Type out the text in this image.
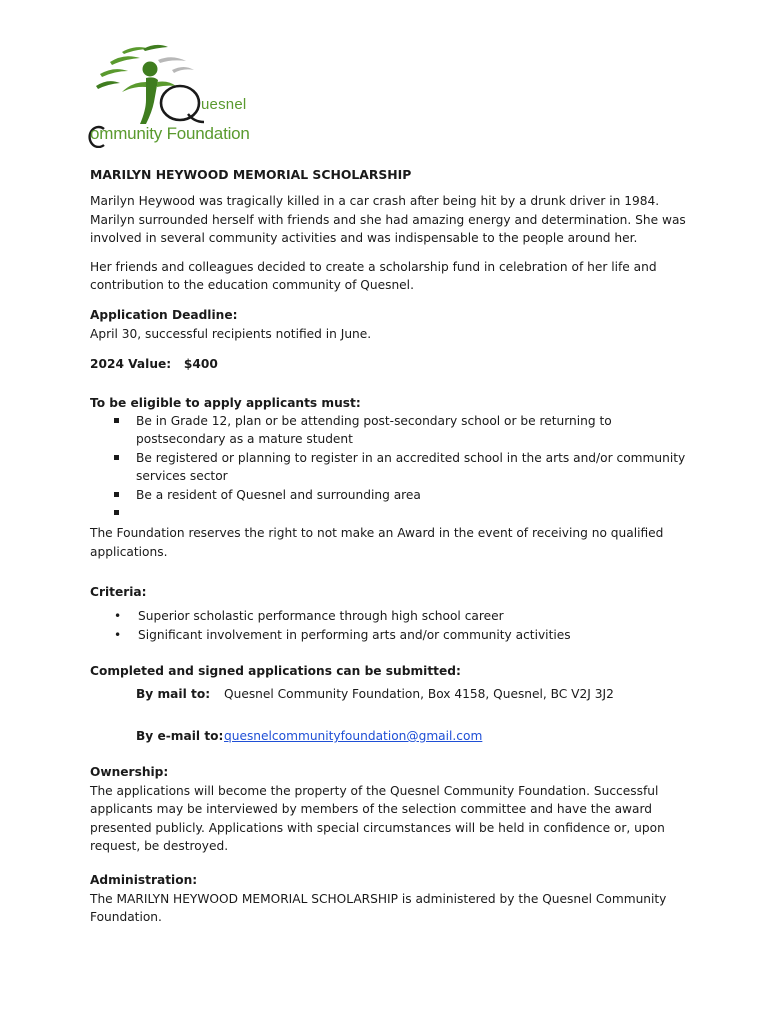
uesnel
ommunity Foundation
MARILYN HEYWOOD MEMORIAL SCHOLARSHIP

Marilyn Heywood was tragically killed in a car crash after being hit by a drunk driver in 1984. Marilyn surrounded herself with friends and she had amazing energy and determination. She was involved in several community activities and was indispensable to the people around her.

Her friends and colleagues decided to create a scholarship fund in celebration of her life and contribution to the education community of Quesnel.

Application Deadline:

April 30, successful recipients notified in June.

2024 Value: $400

To be eligible to apply applicants must:

Be in Grade 12, plan or be attending post-secondary school or be returning to postsecondary as a mature student
Be registered or planning to register in an accredited school in the arts and/or community services sector
Be a resident of Quesnel and surrounding area

The Foundation reserves the right to not make an Award in the event of receiving no qualified applications.

Criteria:

• Superior scholastic performance through high school career
• Significant involvement in performing arts and/or community activities

Completed and signed applications can be submitted:

By mail to:	Quesnel Community Foundation, Box 4158, Quesnel, BC V2J 3J2
By e-mail to: quesnelcommunityfoundation@gmail.com

Ownership:

The applications will become the property of the Quesnel Community Foundation. Successful applicants may be interviewed by members of the selection committee and have the award presented publicly. Applications with special circumstances will be held in confidence or, upon request, be destroyed.

Administration:

The MARILYN HEYWOOD MEMORIAL SCHOLARSHIP is administered by the Quesnel Community Foundation.
